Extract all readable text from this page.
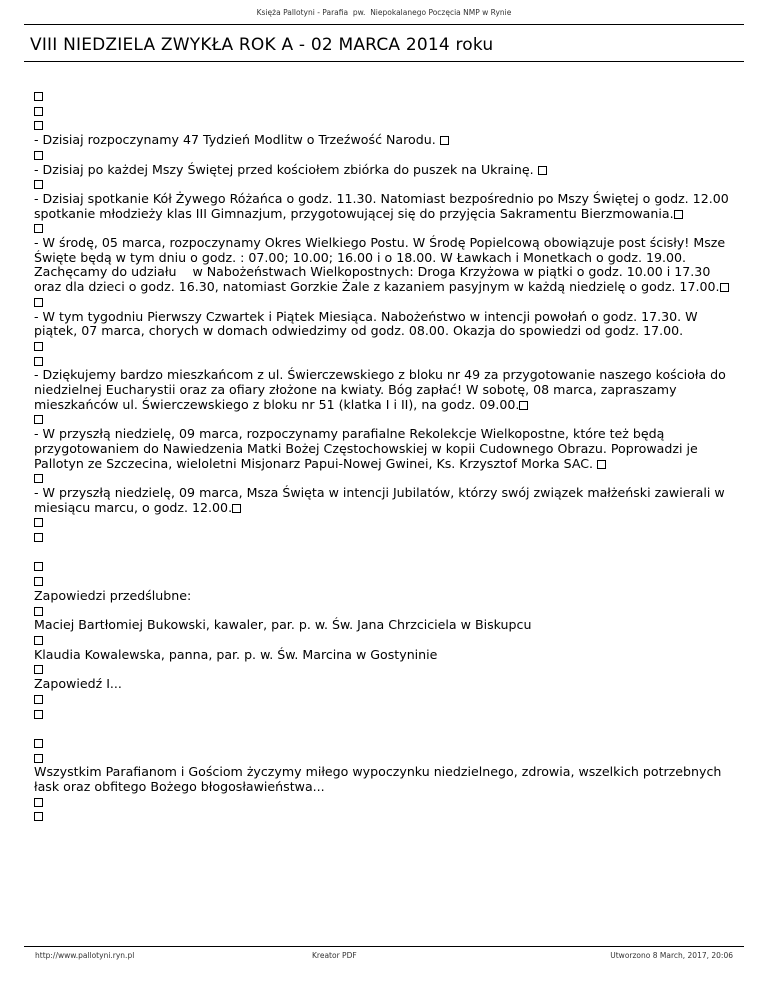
Księża Pallotyni - Parafia  pw.  Niepokalanego Poczęcia NMP w Rynie
VIII NIEDZIELA ZWYKŁA ROK A - 02 MARCA 2014 roku
- Dzisiaj rozpoczynamy 47 Tydzień Modlitw o Trzeźwość Narodu.
- Dzisiaj po każdej Mszy Świętej przed kościołem zbiórka do puszek na Ukrainę.
- Dzisiaj spotkanie Kół Żywego Różańca o godz. 11.30. Natomiast bezpośrednio po Mszy Świętej o godz. 12.00 spotkanie młodzieży klas III Gimnazjum, przygotowującej się do przyjęcia Sakramentu Bierzmowania.
- W środę, 05 marca, rozpoczynamy Okres Wielkiego Postu. W Środę Popielcową obowiązuje post ścisły! Msze Święte będą w tym dniu o godz. : 07.00; 10.00; 16.00 i o 18.00. W Ławkach i Monetkach o godz. 19.00. Zachęcamy do udziału    w Nabożeństwach Wielkopostnych: Droga Krzyżowa w piątki o godz. 10.00 i 17.30 oraz dla dzieci o godz. 16.30, natomiast Gorzkie Żale z kazaniem pasyjnym w każdą niedzielę o godz. 17.00.
- W tym tygodniu Pierwszy Czwartek i Piątek Miesiąca. Nabożeństwo w intencji powołań o godz. 17.30. W piątek, 07 marca, chorych w domach odwiedzimy od godz. 08.00. Okazja do spowiedzi od godz. 17.00.
- Dziękujemy bardzo mieszkańcom z ul. Świerczewskiego z bloku nr 49 za przygotowanie naszego kościoła do niedzielnej Eucharystii oraz za ofiary złożone na kwiaty. Bóg zapłać! W sobotę, 08 marca, zapraszamy mieszkańców ul. Świerczewskiego z bloku nr 51 (klatka I i II), na godz. 09.00.
- W przyszłą niedzielę, 09 marca, rozpoczynamy parafialne Rekolekcje Wielkopostne, które też będą przygotowaniem do Nawiedzenia Matki Bożej Częstochowskiej w kopii Cudownego Obrazu. Poprowadzi je Pallotyn ze Szczecina, wieloletni Misjonarz Papui-Nowej Gwinei, Ks. Krzysztof Morka SAC.
- W przyszłą niedzielę, 09 marca, Msza Święta w intencji Jubilatów, którzy swój związek małżeński zawierali w miesiącu marcu, o godz. 12.00.
Zapowiedzi przedślubne:
Maciej Bartłomiej Bukowski, kawaler, par. p. w. Św. Jana Chrzciciela w Biskupcu
Klaudia Kowalewska, panna, par. p. w. Św. Marcina w Gostyninie
Zapowiedź I...
Wszystkim Parafianom i Gościom życzymy miłego wypoczynku niedzielnego, zdrowia, wszelkich potrzebnych łask oraz obfitego Bożego błogosławieństwa...
http://www.pallotyni.ryn.pl	Kreator PDF	Utworzono 8 March, 2017, 20:06
